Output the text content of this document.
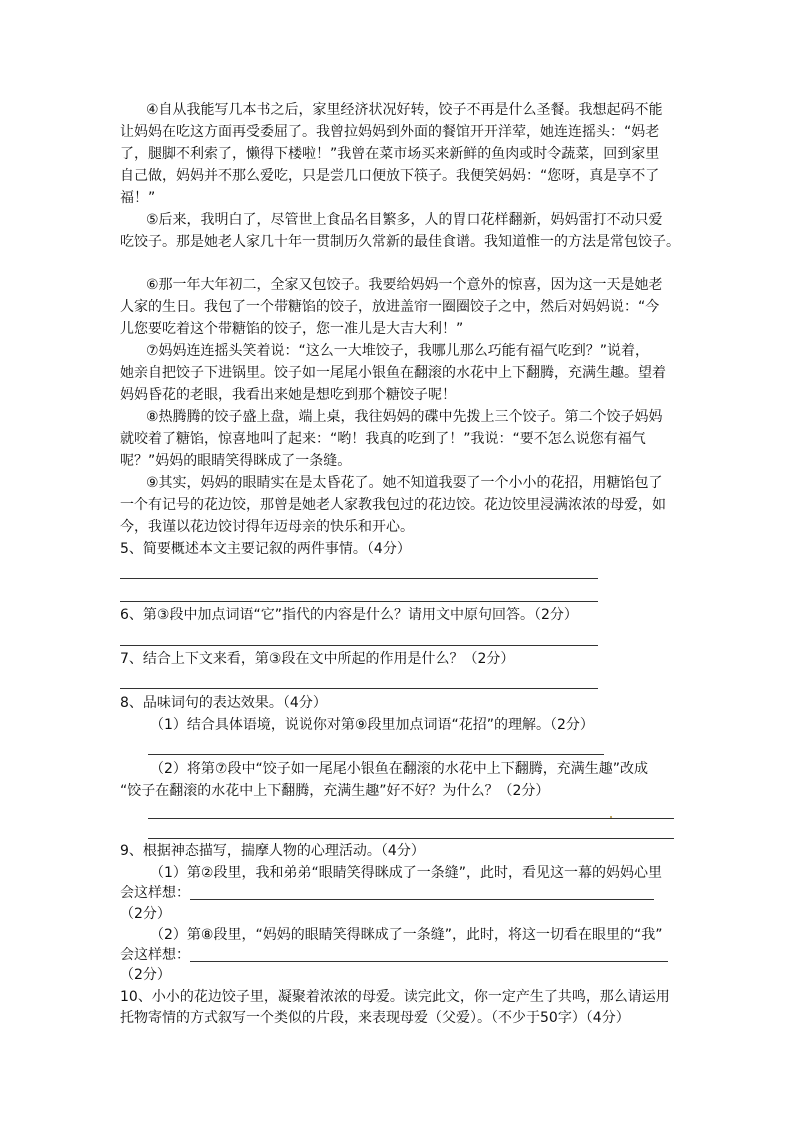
④自从我能写几本书之后，家里经济状况好转，饺子不再是什么圣餐。我想起码不能

让妈妈在吃这方面再受委屈了。我曾拉妈妈到外面的餐馆开开洋荤，她连连摇头：“妈老

了，腿脚不利索了，懒得下楼啦！”我曾在菜市场买来新鲜的鱼肉或时令蔬菜，回到家里

自己做，妈妈并不那么爱吃，只是尝几口便放下筷子。我便笑妈妈：“您呀，真是享不了

福！”

⑤后来，我明白了，尽管世上食品名目繁多，人的胃口花样翻新，妈妈雷打不动只爱

吃饺子。那是她老人家几十年一贯制历久常新的最佳食谱。我知道惟一的方法是常包饺子。

⑥那一年大年初二，全家又包饺子。我要给妈妈一个意外的惊喜，因为这一天是她老

人家的生日。我包了一个带糖馅的饺子，放进盖帘一圈圈饺子之中，然后对妈妈说：“今

儿您要吃着这个带糖馅的饺子，您一准儿是大吉大利！”

⑦妈妈连连摇头笑着说：“这么一大堆饺子，我哪儿那么巧能有福气吃到？”说着，

她亲自把饺子下进锅里。饺子如一尾尾小银鱼在翻滚的水花中上下翻腾，充满生趣。望着

妈妈昏花的老眼，我看出来她是想吃到那个糖饺子呢！

⑧热腾腾的饺子盛上盘，端上桌，我往妈妈的碟中先拨上三个饺子。第二个饺子妈妈

就咬着了糖馅，惊喜地叫了起来：“哟！我真的吃到了！”我说：“要不怎么说您有福气

呢？”妈妈的眼睛笑得眯成了一条缝。

⑨其实，妈妈的眼睛实在是太昏花了。她不知道我耍了一个小小的花招，用糖馅包了

一个有记号的花边饺，那曾是她老人家教我包过的花边饺。花边饺里浸满浓浓的母爱，如

今，我谨以花边饺讨得年迈母亲的快乐和开心。

5、简要概述本文主要记叙的两件事情。（4分）

6、第③段中加点词语“它”指代的内容是什么？请用文中原句回答。（2分）

7、结合上下文来看，第③段在文中所起的作用是什么？（2分）

8、品味词句的表达效果。（4分）

（1）结合具体语境，说说你对第⑨段里加点词语“花招”的理解。（2分）

（2）将第⑦段中“饺子如一尾尾小银鱼在翻滚的水花中上下翻腾，充满生趣”改成

“饺子在翻滚的水花中上下翻腾，充满生趣”好不好？为什么？（2分）

9、根据神态描写，揣摩人物的心理活动。（4分）

（1）第②段里，我和弟弟“眼睛笑得眯成了一条缝”，此时，看见这一幕的妈妈心里

会这样想：

（2分）

（2）第⑧段里，“妈妈的眼睛笑得眯成了一条缝”，此时，将这一切看在眼里的“我”

会这样想：

（2分）

10、小小的花边饺子里，凝聚着浓浓的母爱。读完此文，你一定产生了共鸣，那么请运用

托物寄情的方式叙写一个类似的片段，来表现母爱（父爱）。（不少于50字）（4分）
